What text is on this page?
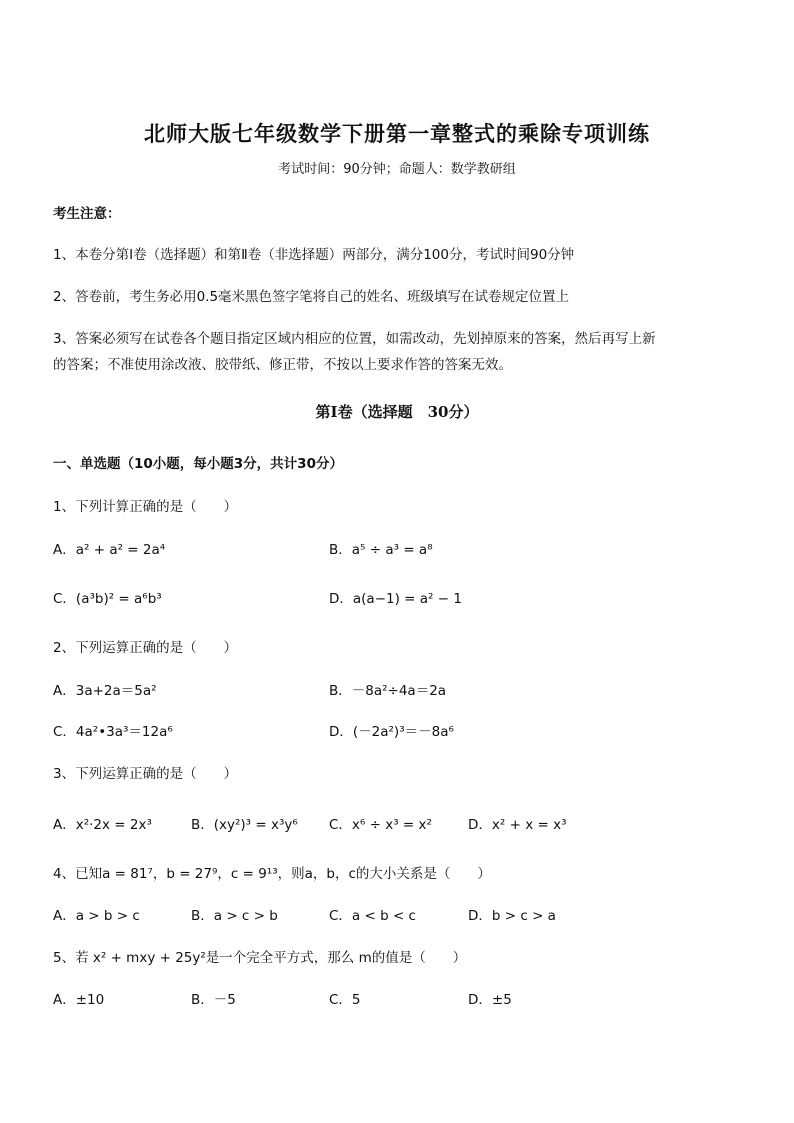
北师大版七年级数学下册第一章整式的乘除专项训练
考试时间：90分钟；命题人：数学教研组
考生注意：
1、本卷分第Ⅰ卷（选择题）和第Ⅱ卷（非选择题）两部分，满分100分，考试时间90分钟
2、答卷前，考生务必用0.5毫米黑色签字笔将自己的姓名、班级填写在试卷规定位置上
3、答案必须写在试卷各个题目指定区域内相应的位置，如需改动，先划掉原来的答案，然后再写上新
的答案；不准使用涂改液、胶带纸、修正带，不按以上要求作答的答案无效。
第Ⅰ卷（选择题　30分）
一、单选题（10小题，每小题3分，共计30分）
1、下列计算正确的是（　　）
A．a² + a² = 2a⁴	B．a⁵ ÷ a³ = a⁸
C．(a³b)² = a⁶b³	D．a(a−1) = a² − 1
2、下列运算正确的是（　　）
A．3a+2a＝5a²	B．－8a²÷4a＝2a
C．4a²•3a³＝12a⁶	D．(－2a²)³＝－8a⁶
3、下列运算正确的是（　　）
A．x²·2x = 2x³	B．(xy²)³ = x³y⁶ C．x⁶ ÷ x³ = x²	D．x² + x = x³
4、已知a = 81⁷，b = 27⁹，c = 9¹³，则a，b，c的大小关系是（　　）
A．a > b > c	B．a > c > b	C．a < b < c	D．b > c > a
5、若 x² + mxy + 25y²是一个完全平方式，那么 m的值是（　　）
A．±10	B．－5	C．5	D．±5
